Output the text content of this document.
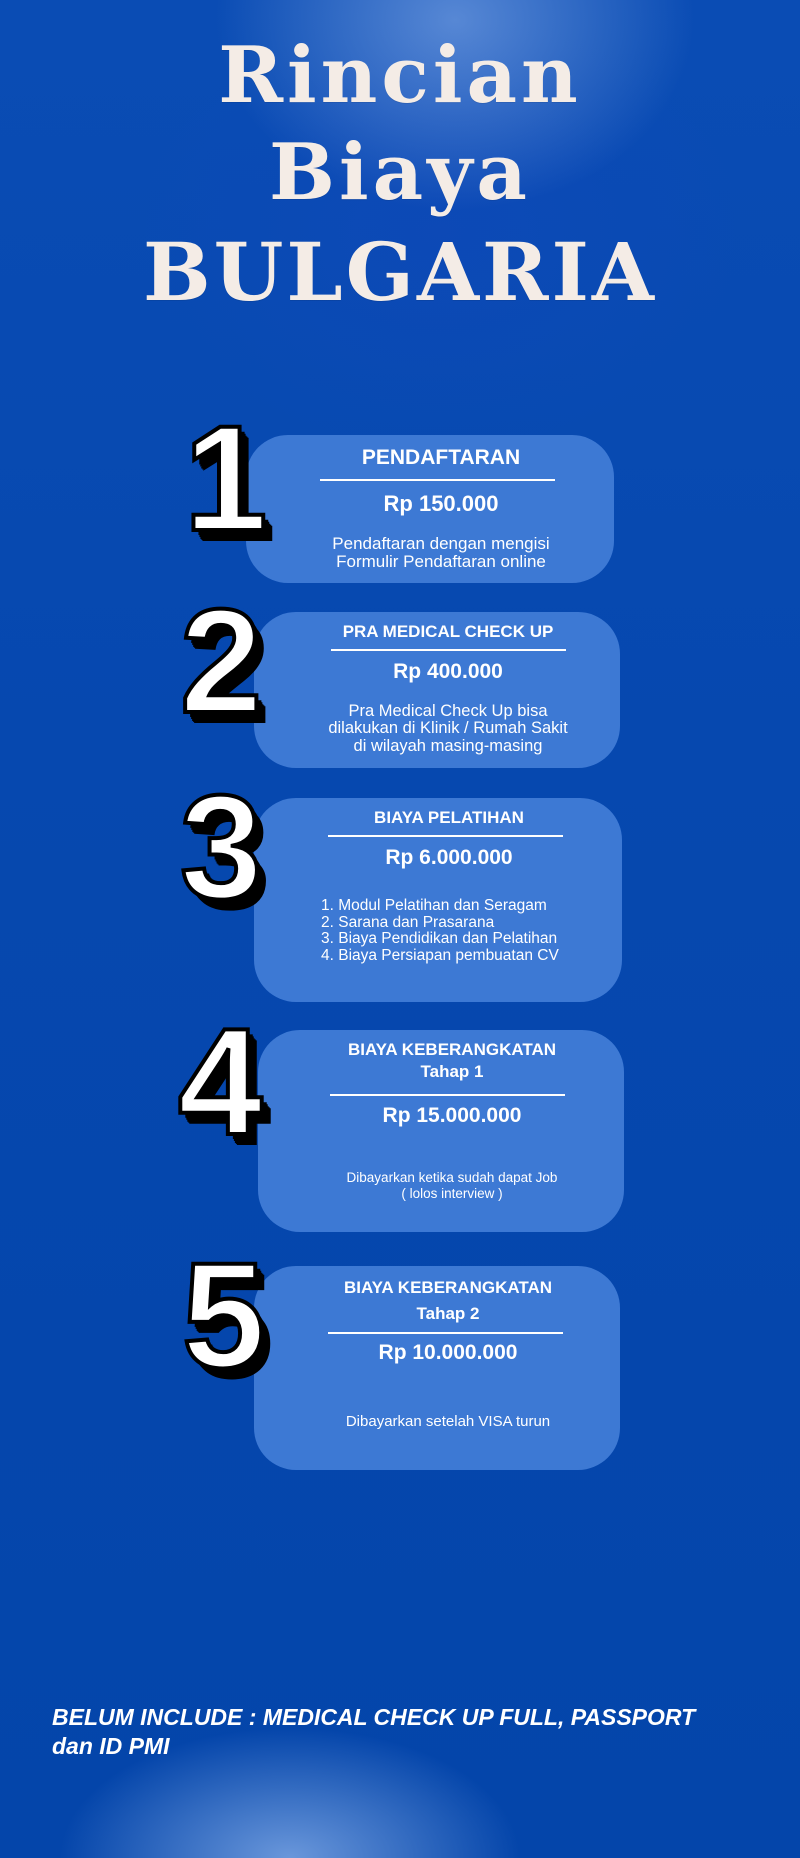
Rincian
Biaya
BULGARIA

PENDAFTARAN

Rp 150.000

Pendaftaran dengan mengisi
Formulir Pendaftaran online

1

PRA MEDICAL CHECK UP

Rp 400.000

Pra Medical Check Up bisa
dilakukan di Klinik / Rumah Sakit
di wilayah masing-masing

2

BIAYA PELATIHAN

Rp 6.000.000

1. Modul Pelatihan dan Seragam
2. Sarana dan Prasarana
3. Biaya Pendidikan dan Pelatihan
4. Biaya Persiapan pembuatan CV
3

BIAYA KEBERANGKATAN
Tahap 1

Rp 15.000.000

Dibayarkan ketika sudah dapat Job
( lolos interview )

4

BIAYA KEBERANGKATAN
Tahap 2

Rp 10.000.000

Dibayarkan setelah VISA turun

5

BELUM INCLUDE : MEDICAL CHECK UP FULL, PASSPORT
dan ID PMI
